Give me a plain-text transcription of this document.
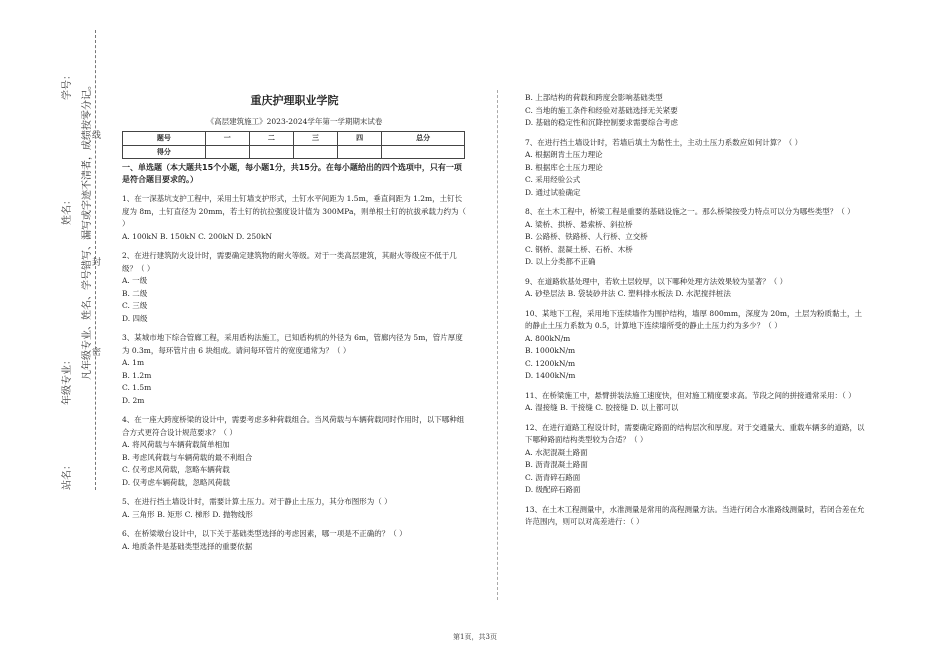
学号：
姓名：
年级专业：
站名：
凡年级专业、姓名、学号错写、漏写或字迹不清者，成绩按零分记。 密
封
线
重庆护理职业学院
《高层建筑施工》2023-2024学年第一学期期末试卷
题号	一	二	三	四	总分
得分					
一、单选题（本大题共15个小题，每小题1分，共15分。在每小题给出的四个选项中，只有一项是符合题目要求的。）

1、在一深基坑支护工程中，采用土钉墙支护形式，土钉水平间距为 1.5m，垂直间距为 1.2m，土钉长度为 8m，土钉直径为 20mm，若土钉的抗拉强度设计值为 300MPa，则单根土钉的抗拔承载力约为（ ）

A. 100kN B. 150kN C. 200kN D. 250kN

2、在进行建筑防火设计时，需要确定建筑物的耐火等级。对于一类高层建筑，其耐火等级应不低于几级？（ ）

A. 一级

B. 二级

C. 三级

D. 四级

3、某城市地下综合管廊工程，采用盾构法施工，已知盾构机的外径为 6m，管廊内径为 5m，管片厚度为 0.3m，每环管片由 6 块组成。请问每环管片的宽度通常为？（ ）

A. 1m

B. 1.2m

C. 1.5m

D. 2m

4、在一座大跨度桥梁的设计中，需要考虑多种荷载组合。当风荷载与车辆荷载同时作用时，以下哪种组合方式更符合设计规范要求？（ ）

A. 将风荷载与车辆荷载简单相加

B. 考虑风荷载与车辆荷载的最不利组合

C. 仅考虑风荷载，忽略车辆荷载

D. 仅考虑车辆荷载，忽略风荷载

5、在进行挡土墙设计时，需要计算土压力。对于静止土压力，其分布图形为（ ）

A. 三角形 B. 矩形 C. 梯形 D. 抛物线形

6、在桥梁墩台设计中，以下关于基础类型选择的考虑因素，哪一项是不正确的？（ ）

A. 地质条件是基础类型选择的重要依据

B. 上部结构的荷载和跨度会影响基础类型

C. 当地的施工条件和经验对基础选择无关紧要

D. 基础的稳定性和沉降控制要求需要综合考虑

7、在进行挡土墙设计时，若墙后填土为黏性土，主动土压力系数应如何计算？（ ）

A. 根据朗肯土压力理论

B. 根据库仑土压力理论

C. 采用经验公式

D. 通过试验确定

8、在土木工程中，桥梁工程是重要的基础设施之一。那么桥梁按受力特点可以分为哪些类型？（ ）

A. 梁桥、拱桥、悬索桥、斜拉桥

B. 公路桥、铁路桥、人行桥、立交桥

C. 钢桥、混凝土桥、石桥、木桥

D. 以上分类都不正确

9、在道路软基处理中，若软土层较厚，以下哪种处理方法效果较为显著？（ ）

A. 砂垫层法 B. 袋装砂井法 C. 塑料排水板法 D. 水泥搅拌桩法

10、某地下工程，采用地下连续墙作为围护结构，墙厚 800mm，深度为 20m，土层为粉质黏土，土的静止土压力系数为 0.5，计算地下连续墙所受的静止土压力约为多少？（ ）

A. 800kN/m

B. 1000kN/m

C. 1200kN/m

D. 1400kN/m

11、在桥梁施工中，悬臂拼装法施工速度快，但对施工精度要求高。节段之间的拼接通常采用：（ ）

A. 湿接缝 B. 干接缝 C. 胶接缝 D. 以上都可以

12、在进行道路工程设计时，需要确定路面的结构层次和厚度。对于交通量大、重载车辆多的道路，以下哪种路面结构类型较为合适？（ ）

A. 水泥混凝土路面

B. 沥青混凝土路面

C. 沥青碎石路面

D. 级配碎石路面

13、在土木工程测量中，水准测量是常用的高程测量方法。当进行闭合水准路线测量时，若闭合差在允许范围内，则可以对高差进行：（ ）

第1页，共3页
